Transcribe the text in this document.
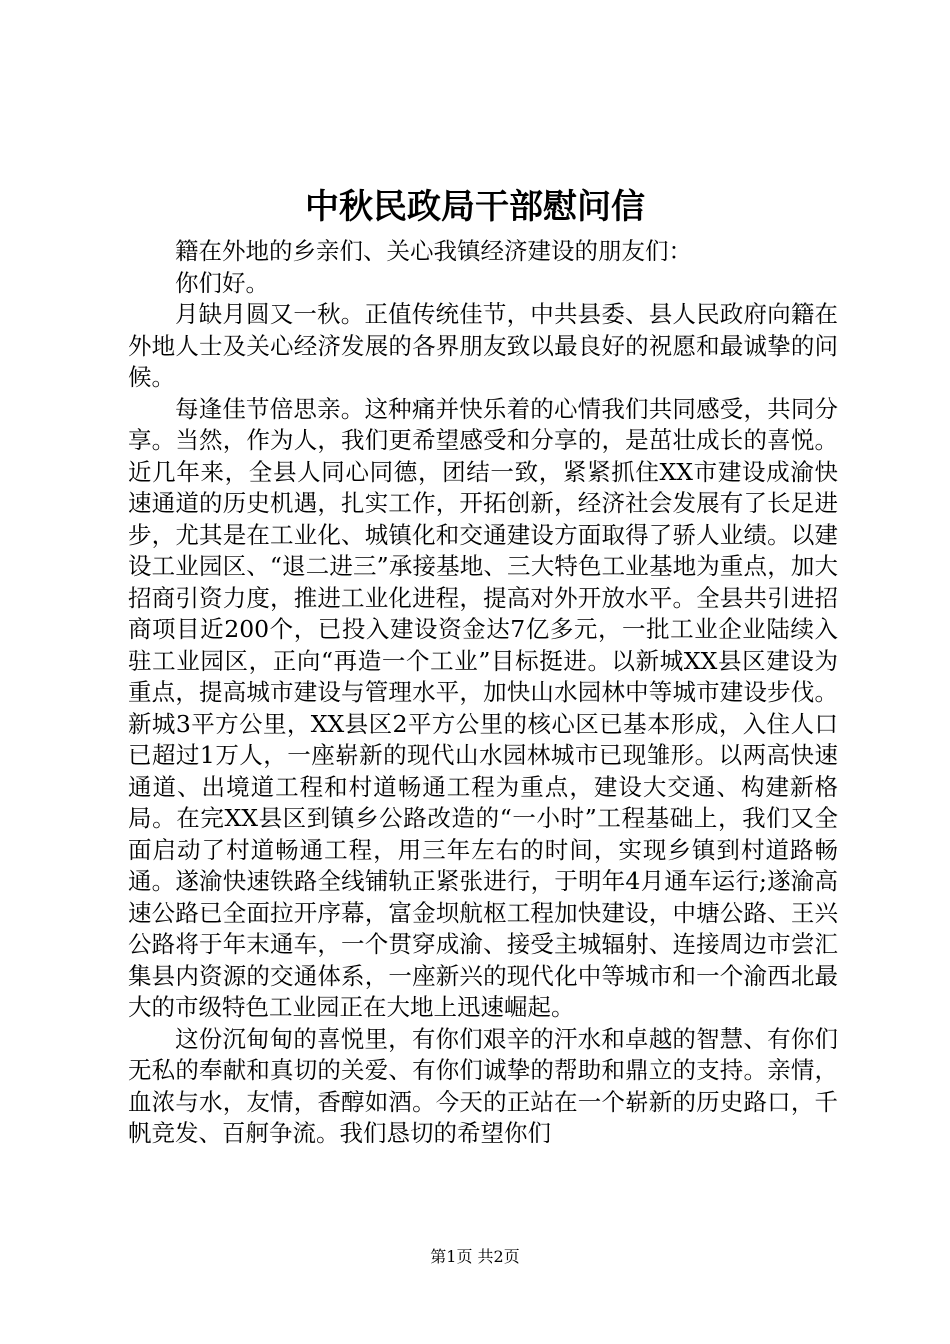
中秋民政局干部慰问信

籍在外地的乡亲们、关心我镇经济建设的朋友们：

你们好。

月缺月圆又一秋。正值传统佳节，中共县委、县人民政府向籍在外地人士及关心经济发展的各界朋友致以最良好的祝愿和最诚挚的问候。

每逢佳节倍思亲。这种痛并快乐着的心情我们共同感受，共同分享。当然，作为人，我们更希望感受和分享的，是茁壮成长的喜悦。近几年来，全县人同心同德，团结一致，紧紧抓住XX市建设成渝快速通道的历史机遇，扎实工作，开拓创新，经济社会发展有了长足进步，尤其是在工业化、城镇化和交通建设方面取得了骄人业绩。以建设工业园区、“退二进三”承接基地、三大特色工业基地为重点，加大招商引资力度，推进工业化进程，提高对外开放水平。全县共引进招商项目近200个，已投入建设资金达7亿多元，一批工业企业陆续入驻工业园区，正向“再造一个工业”目标挺进。以新城XX县区建设为重点，提高城市建设与管理水平，加快山水园林中等城市建设步伐。新城3平方公里，XX县区2平方公里的核心区已基本形成，入住人口已超过1万人，一座崭新的现代山水园林城市已现雏形。以两高快速通道、出境道工程和村道畅通工程为重点，建设大交通、构建新格局。在完XX县区到镇乡公路改造的“一小时”工程基础上，我们又全面启动了村道畅通工程，用三年左右的时间，实现乡镇到村道路畅通。遂渝快速铁路全线铺轨正紧张进行，于明年4月通车运行;遂渝高速公路已全面拉开序幕，富金坝航枢工程加快建设，中塘公路、王兴公路将于年末通车，一个贯穿成渝、接受主城辐射、连接周边市尝汇集县内资源的交通体系，一座新兴的现代化中等城市和一个渝西北最大的市级特色工业园正在大地上迅速崛起。

这份沉甸甸的喜悦里，有你们艰辛的汗水和卓越的智慧、有你们无私的奉献和真切的关爱、有你们诚挚的帮助和鼎立的支持。亲情，血浓与水，友情，香醇如酒。今天的正站在一个崭新的历史路口，千帆竞发、百舸争流。我们恳切的希望你们

第1页 共2页
